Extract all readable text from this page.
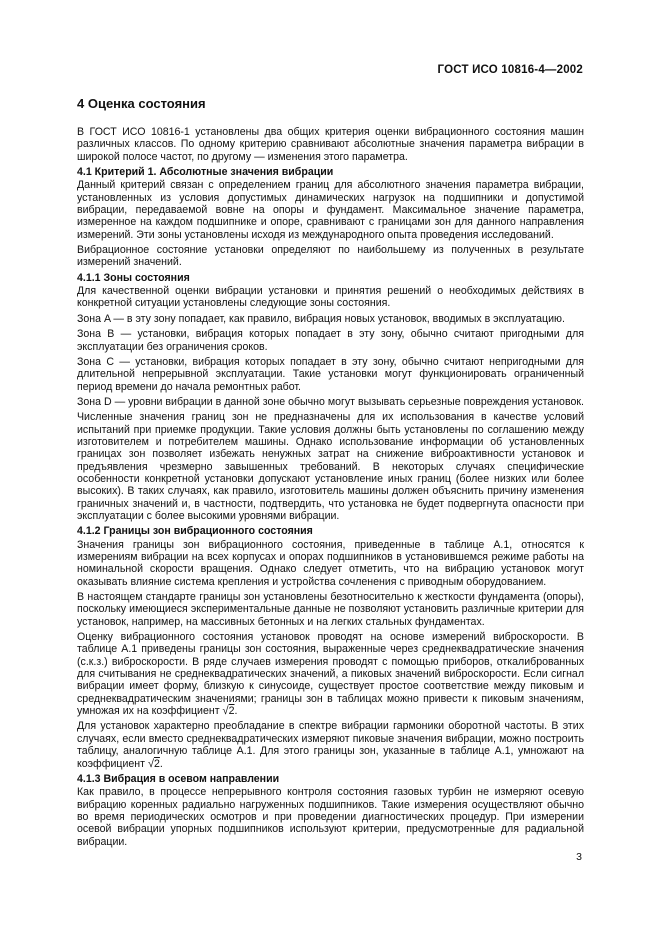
ГОСТ ИСО 10816-4—2002
4 Оценка состояния

В ГОСТ ИСО 10816-1 установлены два общих критерия оценки вибрационного состояния машин различных классов. По одному критерию сравнивают абсолютные значения параметра вибрации в широкой полосе частот, по другому — изменения этого параметра.

4.1 Критерий 1. Абсолютные значения вибрации

Данный критерий связан с определением границ для абсолютного значения параметра вибрации, установленных из условия допустимых динамических нагрузок на подшипники и допустимой вибрации, передаваемой вовне на опоры и фундамент. Максимальное значение параметра, измеренное на каждом подшипнике и опоре, сравнивают с границами зон для данного направления измерений. Эти зоны установлены исходя из международного опыта проведения исследований.

Вибрационное состояние установки определяют по наибольшему из полученных в результате измерений значений.

4.1.1 Зоны состояния

Для качественной оценки вибрации установки и принятия решений о необходимых действиях в конкретной ситуации установлены следующие зоны состояния.

Зона A — в эту зону попадает, как правило, вибрация новых установок, вводимых в эксплуатацию.

Зона B — установки, вибрация которых попадает в эту зону, обычно считают пригодными для эксплуатации без ограничения сроков.

Зона C — установки, вибрация которых попадает в эту зону, обычно считают непригодными для длительной непрерывной эксплуатации. Такие установки могут функционировать ограниченный период времени до начала ремонтных работ.

Зона D — уровни вибрации в данной зоне обычно могут вызывать серьезные повреждения установок.

Численные значения границ зон не предназначены для их использования в качестве условий испытаний при приемке продукции. Такие условия должны быть установлены по соглашению между изготовителем и потребителем машины. Однако использование информации об установленных границах зон позволяет избежать ненужных затрат на снижение виброактивности установок и предъявления чрезмерно завышенных требований. В некоторых случаях специфические особенности конкретной установки допускают установление иных границ (более низких или более высоких). В таких случаях, как правило, изготовитель машины должен объяснить причину изменения граничных значений и, в частности, подтвердить, что установка не будет подвергнута опасности при эксплуатации с более высокими уровнями вибрации.

4.1.2 Границы зон вибрационного состояния

Значения границы зон вибрационного состояния, приведенные в таблице А.1, относятся к измерениям вибрации на всех корпусах и опорах подшипников в установившемся режиме работы на номинальной скорости вращения. Однако следует отметить, что на вибрацию установок могут оказывать влияние система крепления и устройства сочленения с приводным оборудованием.

В настоящем стандарте границы зон установлены безотносительно к жесткости фундамента (опоры), поскольку имеющиеся экспериментальные данные не позволяют установить различные критерии для установок, например, на массивных бетонных и на легких стальных фундаментах.

Оценку вибрационного состояния установок проводят на основе измерений виброскорости. В таблице А.1 приведены границы зон состояния, выраженные через среднеквадратические значения (с.к.з.) виброскорости. В ряде случаев измерения проводят с помощью приборов, откалиброванных для считывания не среднеквадратических значений, а пиковых значений виброскорости. Если сигнал вибрации имеет форму, близкую к синусоиде, существует простое соответствие между пиковым и среднеквадратическим значениями; границы зон в таблицах можно привести к пиковым значениям, умножая их на коэффициент √2.

Для установок характерно преобладание в спектре вибрации гармоники оборотной частоты. В этих случаях, если вместо среднеквадратических измеряют пиковые значения вибрации, можно построить таблицу, аналогичную таблице А.1. Для этого границы зон, указанные в таблице А.1, умножают на коэффициент √2.

4.1.3 Вибрация в осевом направлении

Как правило, в процессе непрерывного контроля состояния газовых турбин не измеряют осевую вибрацию коренных радиально нагруженных подшипников. Такие измерения осуществляют обычно во время периодических осмотров и при проведении диагностических процедур. При измерении осевой вибрации упорных подшипников используют критерии, предусмотренные для радиальной вибрации.

3
